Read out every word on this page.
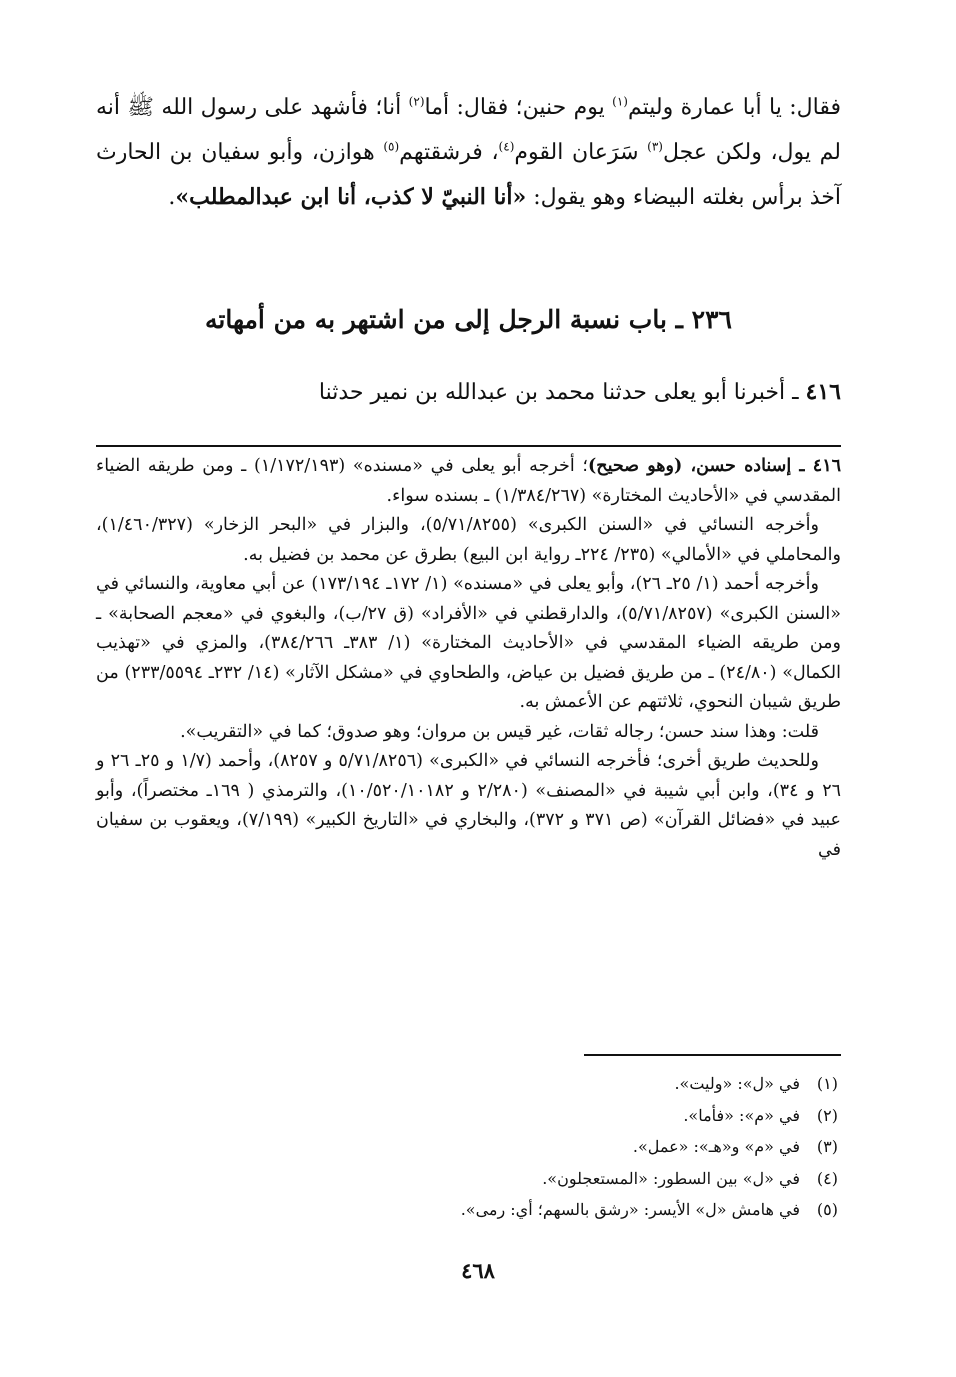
فقال: يا أبا عمارة وليتم$^{(١)}$ يوم حنين؛ فقال: أما$^{(٢)}$ أنا؛ فأشهد على رسول الله ﷺ أنه لم يول، ولكن عجل$^{(٣)}$ سَرَعان القوم$^{(٤)}$، فرشقتهم$^{(٥)}$ هوازن، وأبو سفيان بن الحارث آخذ برأس بغلته البيضاء وهو يقول: «أنا النبيّ لا كذب، أنا ابن عبدالمطلب».

٢٣٦ ـ باب نسبة الرجل إلى من اشتهر به من أمهاته
٤١٦ ـ أخبرنا أبو يعلى حدثنا محمد بن عبدالله بن نمير حدثنا

٤١٦ ـ إسناده حسن، (وهو صحيح)؛ أخرجه أبو يعلى في «مسنده» (١/١٧٢/١٩٣) ـ ومن طريقه الضياء المقدسي في «الأحاديث المختارة» (١/٣٨٤/٢٦٧) ـ بسنده سواء.

وأخرجه النسائي في «السنن الكبرى» (٥/٧١/٨٢٥٥)، والبزار في «البحر الزخار» (١/٤٦٠/٣٢٧)، والمحاملي في «الأمالي» (٢٣٥/ ٢٢٤ـ رواية ابن البيع) بطرق عن محمد بن فضيل به.

وأخرجه أحمد (١/ ٢٥ـ ٢٦)، وأبو يعلى في «مسنده» (١/ ١٧٢ـ ١٧٣/١٩٤) عن أبي معاوية، والنسائي في «السنن الكبرى» (٥/٧١/٨٢٥٧)، والدارقطني في «الأفراد» (ق ٢٧/ب)، والبغوي في «معجم الصحابة» ـ ومن طريقه الضياء المقدسي في «الأحاديث المختارة» (١/ ٣٨٣ـ ٣٨٤/٢٦٦)، والمزي في «تهذيب الكمال» (٢٤/٨٠) ـ من طريق فضيل بن عياض، والطحاوي في «مشكل الآثار» (١٤/ ٢٣٢ـ ٢٣٣/٥٥٩٤) من طريق شيبان النحوي، ثلاثتهم عن الأعمش به.

قلت: وهذا سند حسن؛ رجاله ثقات، غير قيس بن مروان؛ وهو صدوق؛ كما في «التقريب».

وللحديث طريق أخرى؛ فأخرجه النسائي في «الكبرى» (٥/٧١/٨٢٥٦ و ٨٢٥٧)، وأحمد (١/٧ و ٢٥ـ ٢٦ و ٢٦ و ٣٤)، وابن أبي شيبة في «المصنف» (٢/٢٨٠ و ١٠/٥٢٠/١٠١٨٢)، والترمذي ( ١٦٩ـ مختصراً)، وأبو عبيد في «فضائل القرآن» (ص ٣٧١ و ٣٧٢)، والبخاري في «التاريخ الكبير» (٧/١٩٩)، ويعقوب بن سفيان في

(١)في «ل»: «وليت».
(٢)في «م»: «فأما».
(٣)في «م» و«هـ»: «عمل».
(٤)في «ل» بين السطور: «المستعجلون».
(٥)في هامش «ل» الأيسر: «رشق بالسهم؛ أي: رمى».
٤٦٨
